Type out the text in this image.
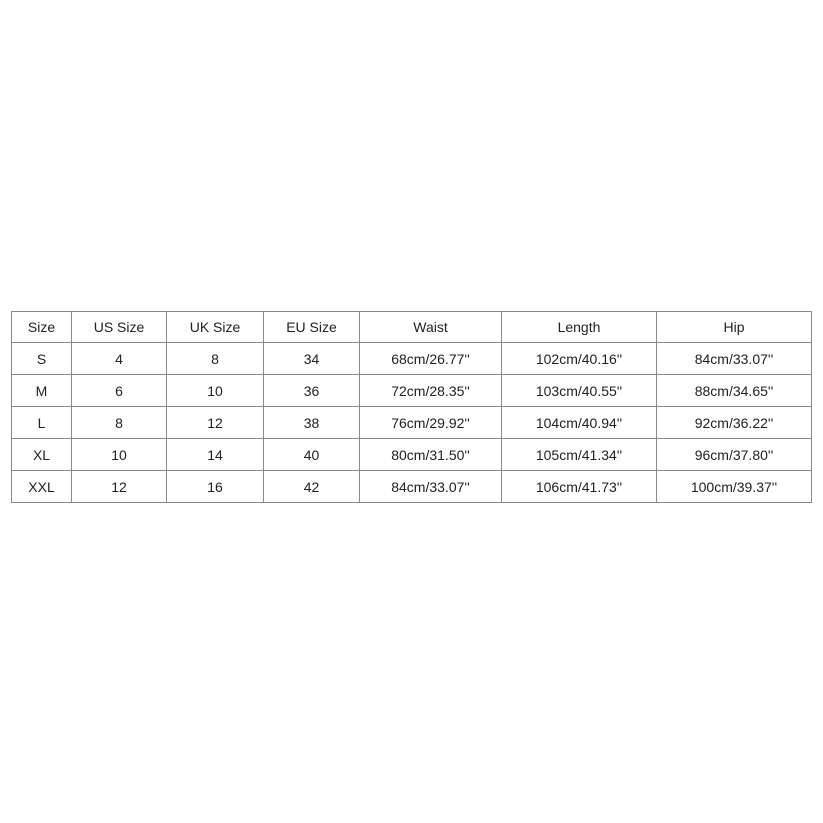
Size	US Size	UK Size	EU Size	Waist	Length	Hip
S	4	8	34	68cm/26.77''	102cm/40.16''	84cm/33.07''
M	6	10	36	72cm/28.35''	103cm/40.55''	88cm/34.65''
L	8	12	38	76cm/29.92''	104cm/40.94''	92cm/36.22''
XL	10	14	40	80cm/31.50''	105cm/41.34''	96cm/37.80''
XXL	12	16	42	84cm/33.07''	106cm/41.73''	100cm/39.37''
